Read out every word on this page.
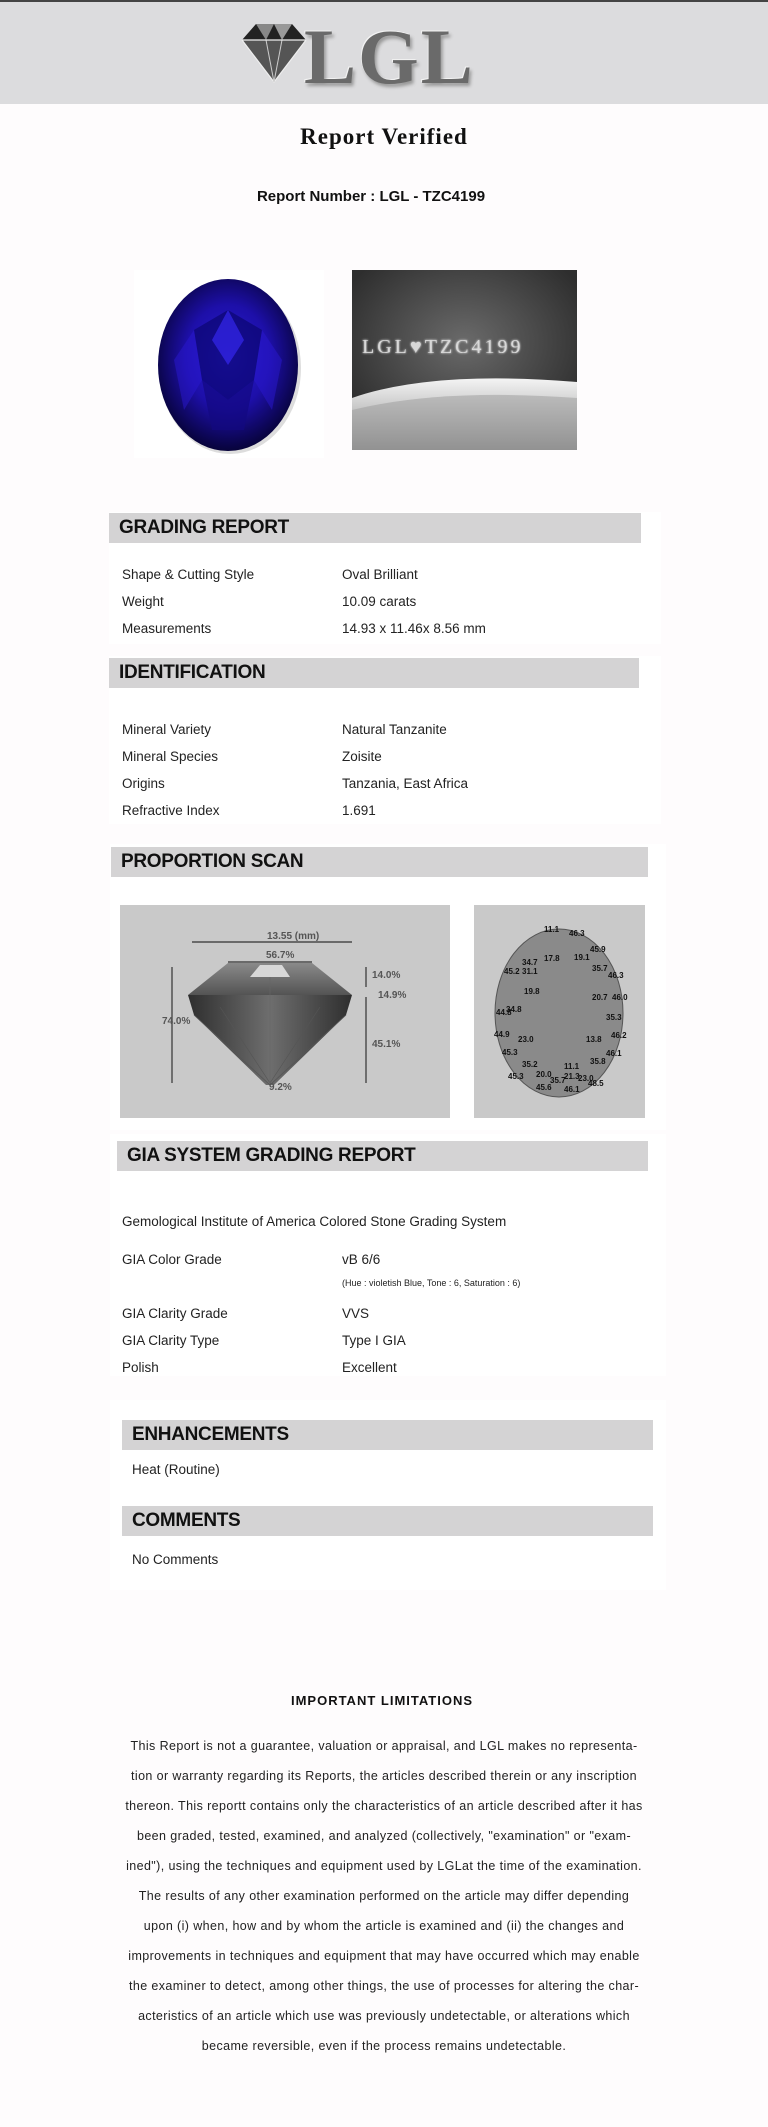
LGL
Report Verified
Report Number : LGL - TZC4199
LGL♥TZC4199
GRADING REPORT
Shape & Cutting Style	Oval Brilliant
Weight	10.09 carats
Measurements	14.93 x 11.46x 8.56 mm
IDENTIFICATION
Mineral Variety	Natural Tanzanite
Mineral Species	Zoisite
Origins	Tanzania, East Africa
Refractive Index	1.691
PROPORTION SCAN
13.55 (mm)
56.7%
74.0%
14.0%
14.9%
45.1%
9.2%
11.1 46.3
45.9
19.1
34.7 17.8
46.3
45.2 31.1	35.7
19.8
20.7 46.0
44.8
34.8
35.3
44.9
23.0	13.8 46.2
45.3
35.2	11.1
35.8
46.1
20.0 21.3
45.3	35.7 23.0
48.5
45.6 46.1
GIA SYSTEM GRADING REPORT
Gemological Institute of America Colored Stone Grading System
GIA Color Grade	vB 6/6
(Hue : violetish Blue, Tone : 6, Saturation : 6)
GIA Clarity Grade	VVS
GIA Clarity Type	Type I GIA
Polish	Excellent
ENHANCEMENTS
Heat (Routine)
COMMENTS
No Comments
IMPORTANT LIMITATIONS
This Report is not a guarantee, valuation or appraisal, and LGL makes no representa-
tion or warranty regarding its Reports, the articles described therein or any inscription
thereon. This reportt contains only the characteristics of an article described after it has
been graded, tested, examined, and analyzed (collectively, "examination" or "exam-
ined"), using the techniques and equipment used by LGLat the time of the examination.
The results of any other examination performed on the article may differ depending
upon (i) when, how and by whom the article is examined and (ii) the changes and
improvements in techniques and equipment that may have occurred which may enable
the examiner to detect, among other things, the use of processes for altering the char-
acteristics of an article which use was previously undetectable, or alterations which
became reversible, even if the process remains undetectable.
